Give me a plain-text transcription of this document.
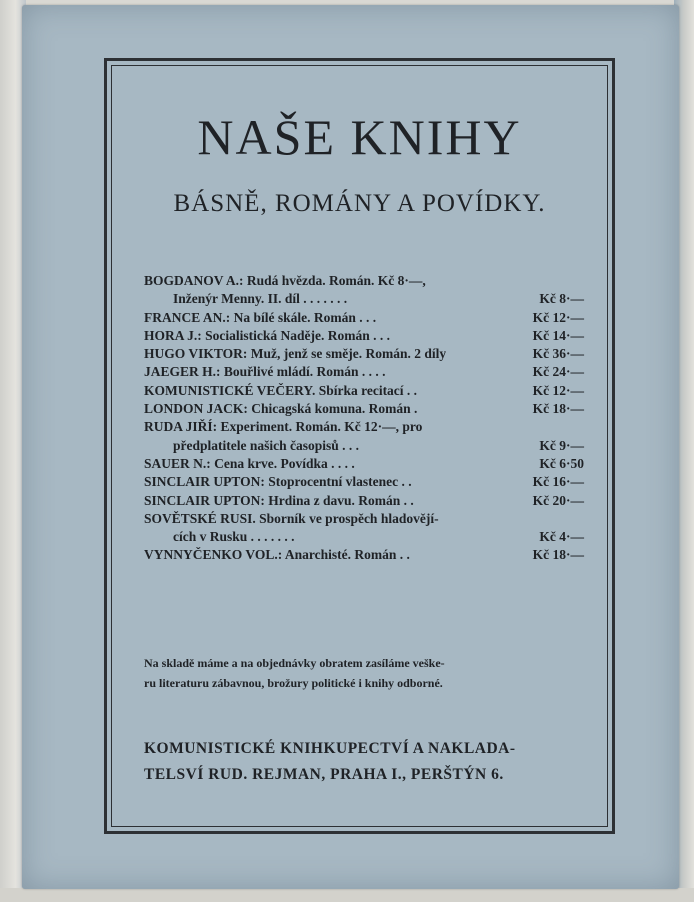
NAŠE KNIHY
BÁSNĚ, ROMÁNY A POVÍDKY.
BOGDANOV A.: Rudá hvězda. Román. Kč 8·—,
Inženýr Menny. II. díl . . . . . . .	Kč 8·—
FRANCE AN.: Na bílé skále. Román . . .	Kč 12·—
HORA J.: Socialistická Naděje. Román . . .	Kč 14·—
HUGO VIKTOR: Muž, jenž se směje. Román. 2 díly	Kč 36·—
JAEGER H.: Bouřlivé mládí. Román . . . .	Kč 24·—
KOMUNISTICKÉ VEČERY. Sbírka recitací . .	Kč 12·—
LONDON JACK: Chicagská komuna. Román .	Kč 18·—
RUDA JIŘÍ: Experiment. Román. Kč 12·—, pro
předplatitele našich časopisů . . .	Kč 9·—
SAUER N.: Cena krve. Povídka . . . .	Kč 6·50
SINCLAIR UPTON: Stoprocentní vlastenec . .	Kč 16·—
SINCLAIR UPTON: Hrdina z davu. Román . .	Kč 20·—
SOVĚTSKÉ RUSI. Sborník ve prospěch hladovějí-
cích v Rusku . . . . . . .	Kč 4·—
VYNNYČENKO VOL.: Anarchisté. Román . .	Kč 18·—

Na skladě máme a na objednávky obratem zasíláme veške-
ru literaturu zábavnou, brožury politické i knihy odborné.

KOMUNISTICKÉ KNIHKUPECTVÍ A NAKLADA-
TELSVÍ RUD. REJMAN, PRAHA I., PERŠTÝN 6.
